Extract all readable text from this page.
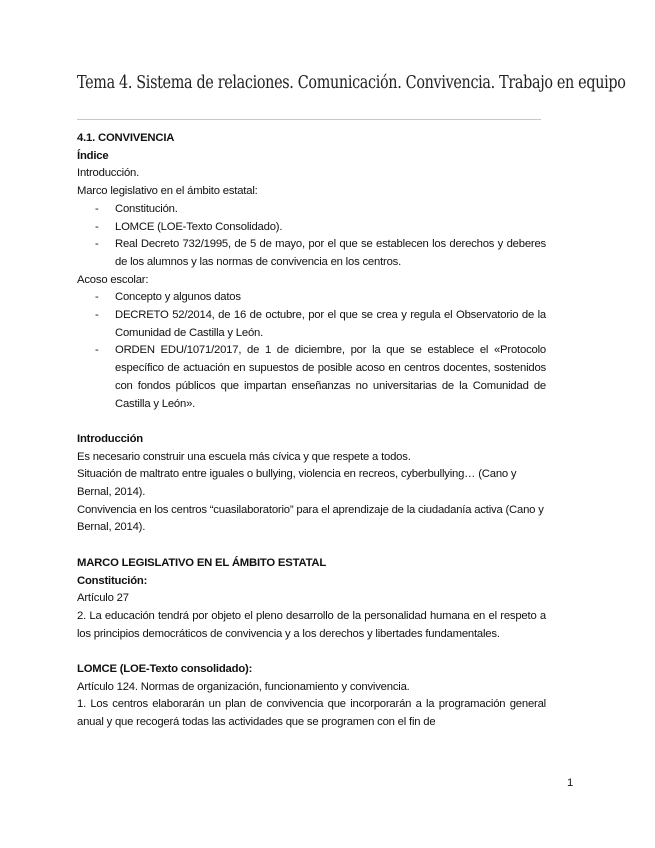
Tema 4. Sistema de relaciones. Comunicación. Convivencia. Trabajo en equipo

4.1. CONVIVENCIA

Índice

Introducción.

Marco legislativo en el ámbito estatal:

- Constitución.
- LOMCE (LOE-Texto Consolidado).
- Real Decreto 732/1995, de 5 de mayo, por el que se establecen los derechos y deberes de los alumnos y las normas de convivencia en los centros.

Acoso escolar:

- Concepto y algunos datos
- DECRETO 52/2014, de 16 de octubre, por el que se crea y regula el Observatorio de la Comunidad de Castilla y León.
- ORDEN EDU/1071/2017, de 1 de diciembre, por la que se establece el «Protocolo específico de actuación en supuestos de posible acoso en centros docentes, sostenidos con fondos públicos que impartan enseñanzas no universitarias de la Comunidad de Castilla y León».

Introducción

Es necesario construir una escuela más cívica y que respete a todos.

Situación de maltrato entre iguales o bullying, violencia en recreos, cyberbullying… (Cano y Bernal, 2014).

Convivencia en los centros “cuasilaboratorio” para el aprendizaje de la ciudadanía activa (Cano y Bernal, 2014).

MARCO LEGISLATIVO EN EL ÁMBITO ESTATAL

Constitución:

Artículo 27

2. La educación tendrá por objeto el pleno desarrollo de la personalidad humana en el respeto a los principios democráticos de convivencia y a los derechos y libertades fundamentales.

LOMCE (LOE-Texto consolidado):

Artículo 124. Normas de organización, funcionamiento y convivencia.

1. Los centros elaborarán un plan de convivencia que incorporarán a la programación general anual y que recogerá todas las actividades que se programen con el fin de

1
